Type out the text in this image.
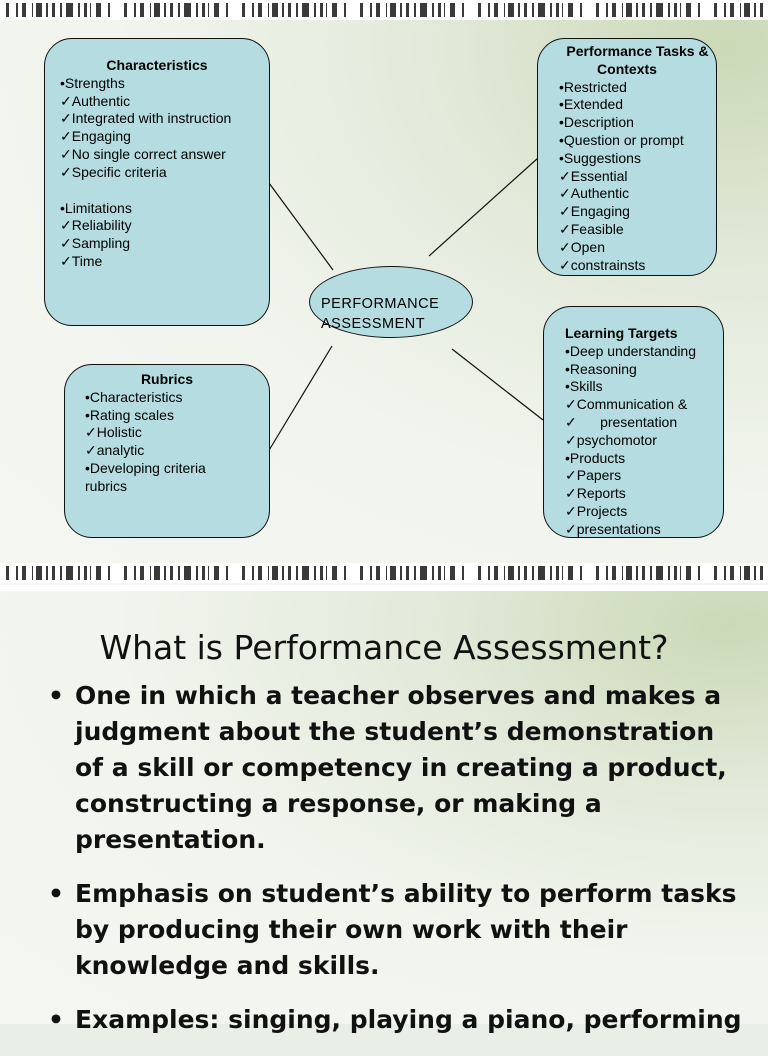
Characteristics
•Strengths
✓Authentic
✓Integrated with instruction
✓Engaging
✓No single correct answer
✓Specific criteria
•Limitations
✓Reliability
✓Sampling
✓Time
Performance Tasks &
Contexts
•Restricted
•Extended
•Description
•Question or prompt
•Suggestions
✓Essential
✓Authentic
✓Engaging
✓Feasible
✓Open
✓constrainsts
PERFORMANCE
ASSESSMENT
Rubrics
•Characteristics
•Rating scales
✓Holistic
✓analytic
•Developing criteria
rubrics
Learning Targets
•Deep understanding
•Reasoning
•Skills
✓Communication &
✓      presentation
✓psychomotor
•Products
✓Papers
✓Reports
✓Projects
✓presentations
What is Performance Assessment?
• One in which a teacher observes and makes a judgment about the student’s demonstration of a skill or competency in creating a product, constructing a response, or making a presentation.
• Emphasis on student’s ability to perform tasks by producing their own work with their knowledge and skills.
• Examples: singing, playing a piano, performing
